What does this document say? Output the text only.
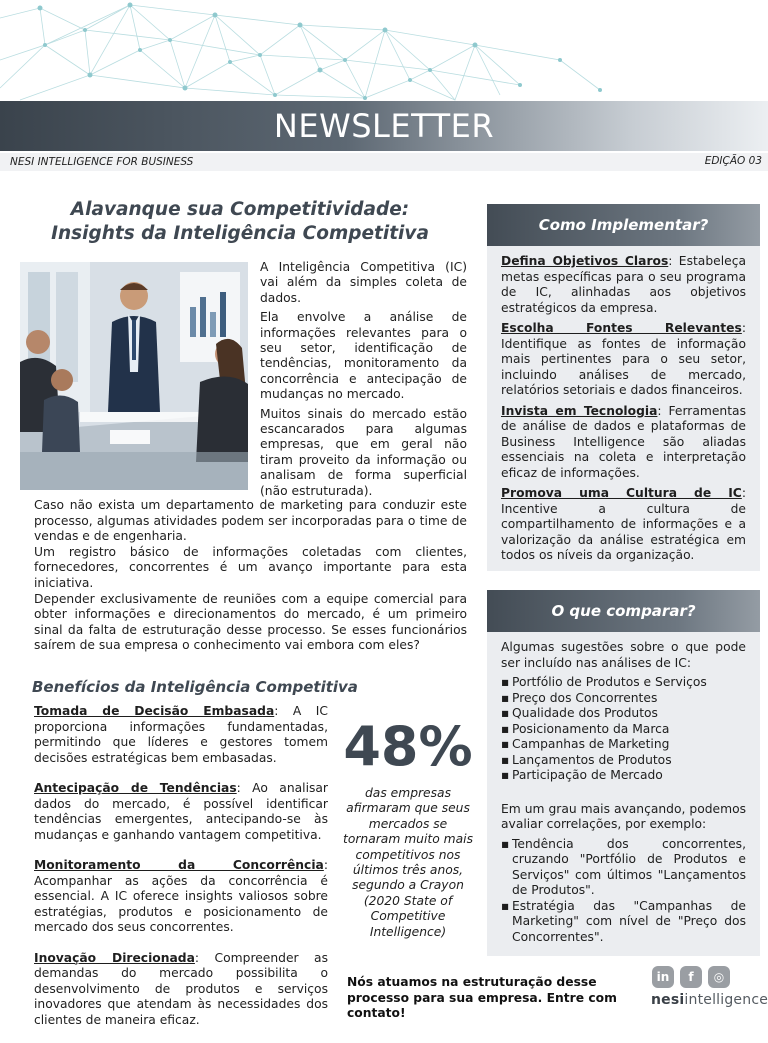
NEWSLETTER
NESI INTELLIGENCE FOR BUSINESS	EDIÇÃO 03
Alavanque sua Competitividade: Insights da Inteligência Competitiva

A Inteligência Competitiva (IC) vai além da simples coleta de dados.

Ela envolve a análise de informações relevantes para o seu setor, identificação de tendências, monitoramento da concorrência e antecipação de mudanças no mercado.

Muitos sinais do mercado estão escancarados para algumas empresas, que em geral não tiram proveito da informação ou analisam de forma superficial (não estruturada).

Caso não exista um departamento de marketing para conduzir este processo, algumas atividades podem ser incorporadas para o time de vendas e de engenharia.

Um registro básico de informações coletadas com clientes, fornecedores, concorrentes é um avanço importante para esta iniciativa.

Depender exclusivamente de reuniões com a equipe comercial para obter informações e direcionamentos do mercado, é um primeiro sinal da falta de estruturação desse processo. Se esses funcionários saírem de sua empresa o conhecimento vai embora com eles?

Benefícios da Inteligência Competitiva

Tomada de Decisão Embasada: A IC proporciona informações fundamentadas, permitindo que líderes e gestores tomem decisões estratégicas bem embasadas.

Antecipação de Tendências: Ao analisar dados do mercado, é possível identificar tendências emergentes, antecipando-se às mudanças e ganhando vantagem competitiva.

Monitoramento da Concorrência: Acompanhar as ações da concorrência é essencial. A IC oferece insights valiosos sobre estratégias, produtos e posicionamento de mercado dos seus concorrentes.

Inovação Direcionada: Compreender as demandas do mercado possibilita o desenvolvimento de produtos e serviços inovadores que atendam às necessidades dos clientes de maneira eficaz.

48%
das empresas afirmaram que seus mercados se tornaram muito mais competitivos nos últimos três anos, segundo a Crayon (2020 State of Competitive Intelligence)
Nós atuamos na estruturação desse processo para sua empresa. Entre com contato!
Como Implementar?

Defina Objetivos Claros: Estabeleça metas específicas para o seu programa de IC, alinhadas aos objetivos estratégicos da empresa.

Escolha Fontes Relevantes: Identifique as fontes de informação mais pertinentes para o seu setor, incluindo análises de mercado, relatórios setoriais e dados financeiros.

Invista em Tecnologia: Ferramentas de análise de dados e plataformas de Business Intelligence são aliadas essenciais na coleta e interpretação eficaz de informações.

Promova uma Cultura de IC: Incentive a cultura de compartilhamento de informações e a valorização da análise estratégica em todos os níveis da organização.

O que comparar?
Algumas sugestões sobre o que pode ser incluído nas análises de IC:
▪ Portfólio de Produtos e Serviços
▪ Preço dos Concorrentes
▪ Qualidade dos Produtos
▪ Posicionamento da Marca
▪ Campanhas de Marketing
▪ Lançamentos de Produtos
▪ Participação de Mercado
Em um grau mais avançando, podemos avaliar correlações, por exemplo:
▪ Tendência dos concorrentes, cruzando "Portfólio de Produtos e Serviços" com últimos "Lançamentos de Produtos".
▪ Estratégia das "Campanhas de Marketing" com nível de "Preço dos Concorrentes".
in	f	◎
nesiintelligence
